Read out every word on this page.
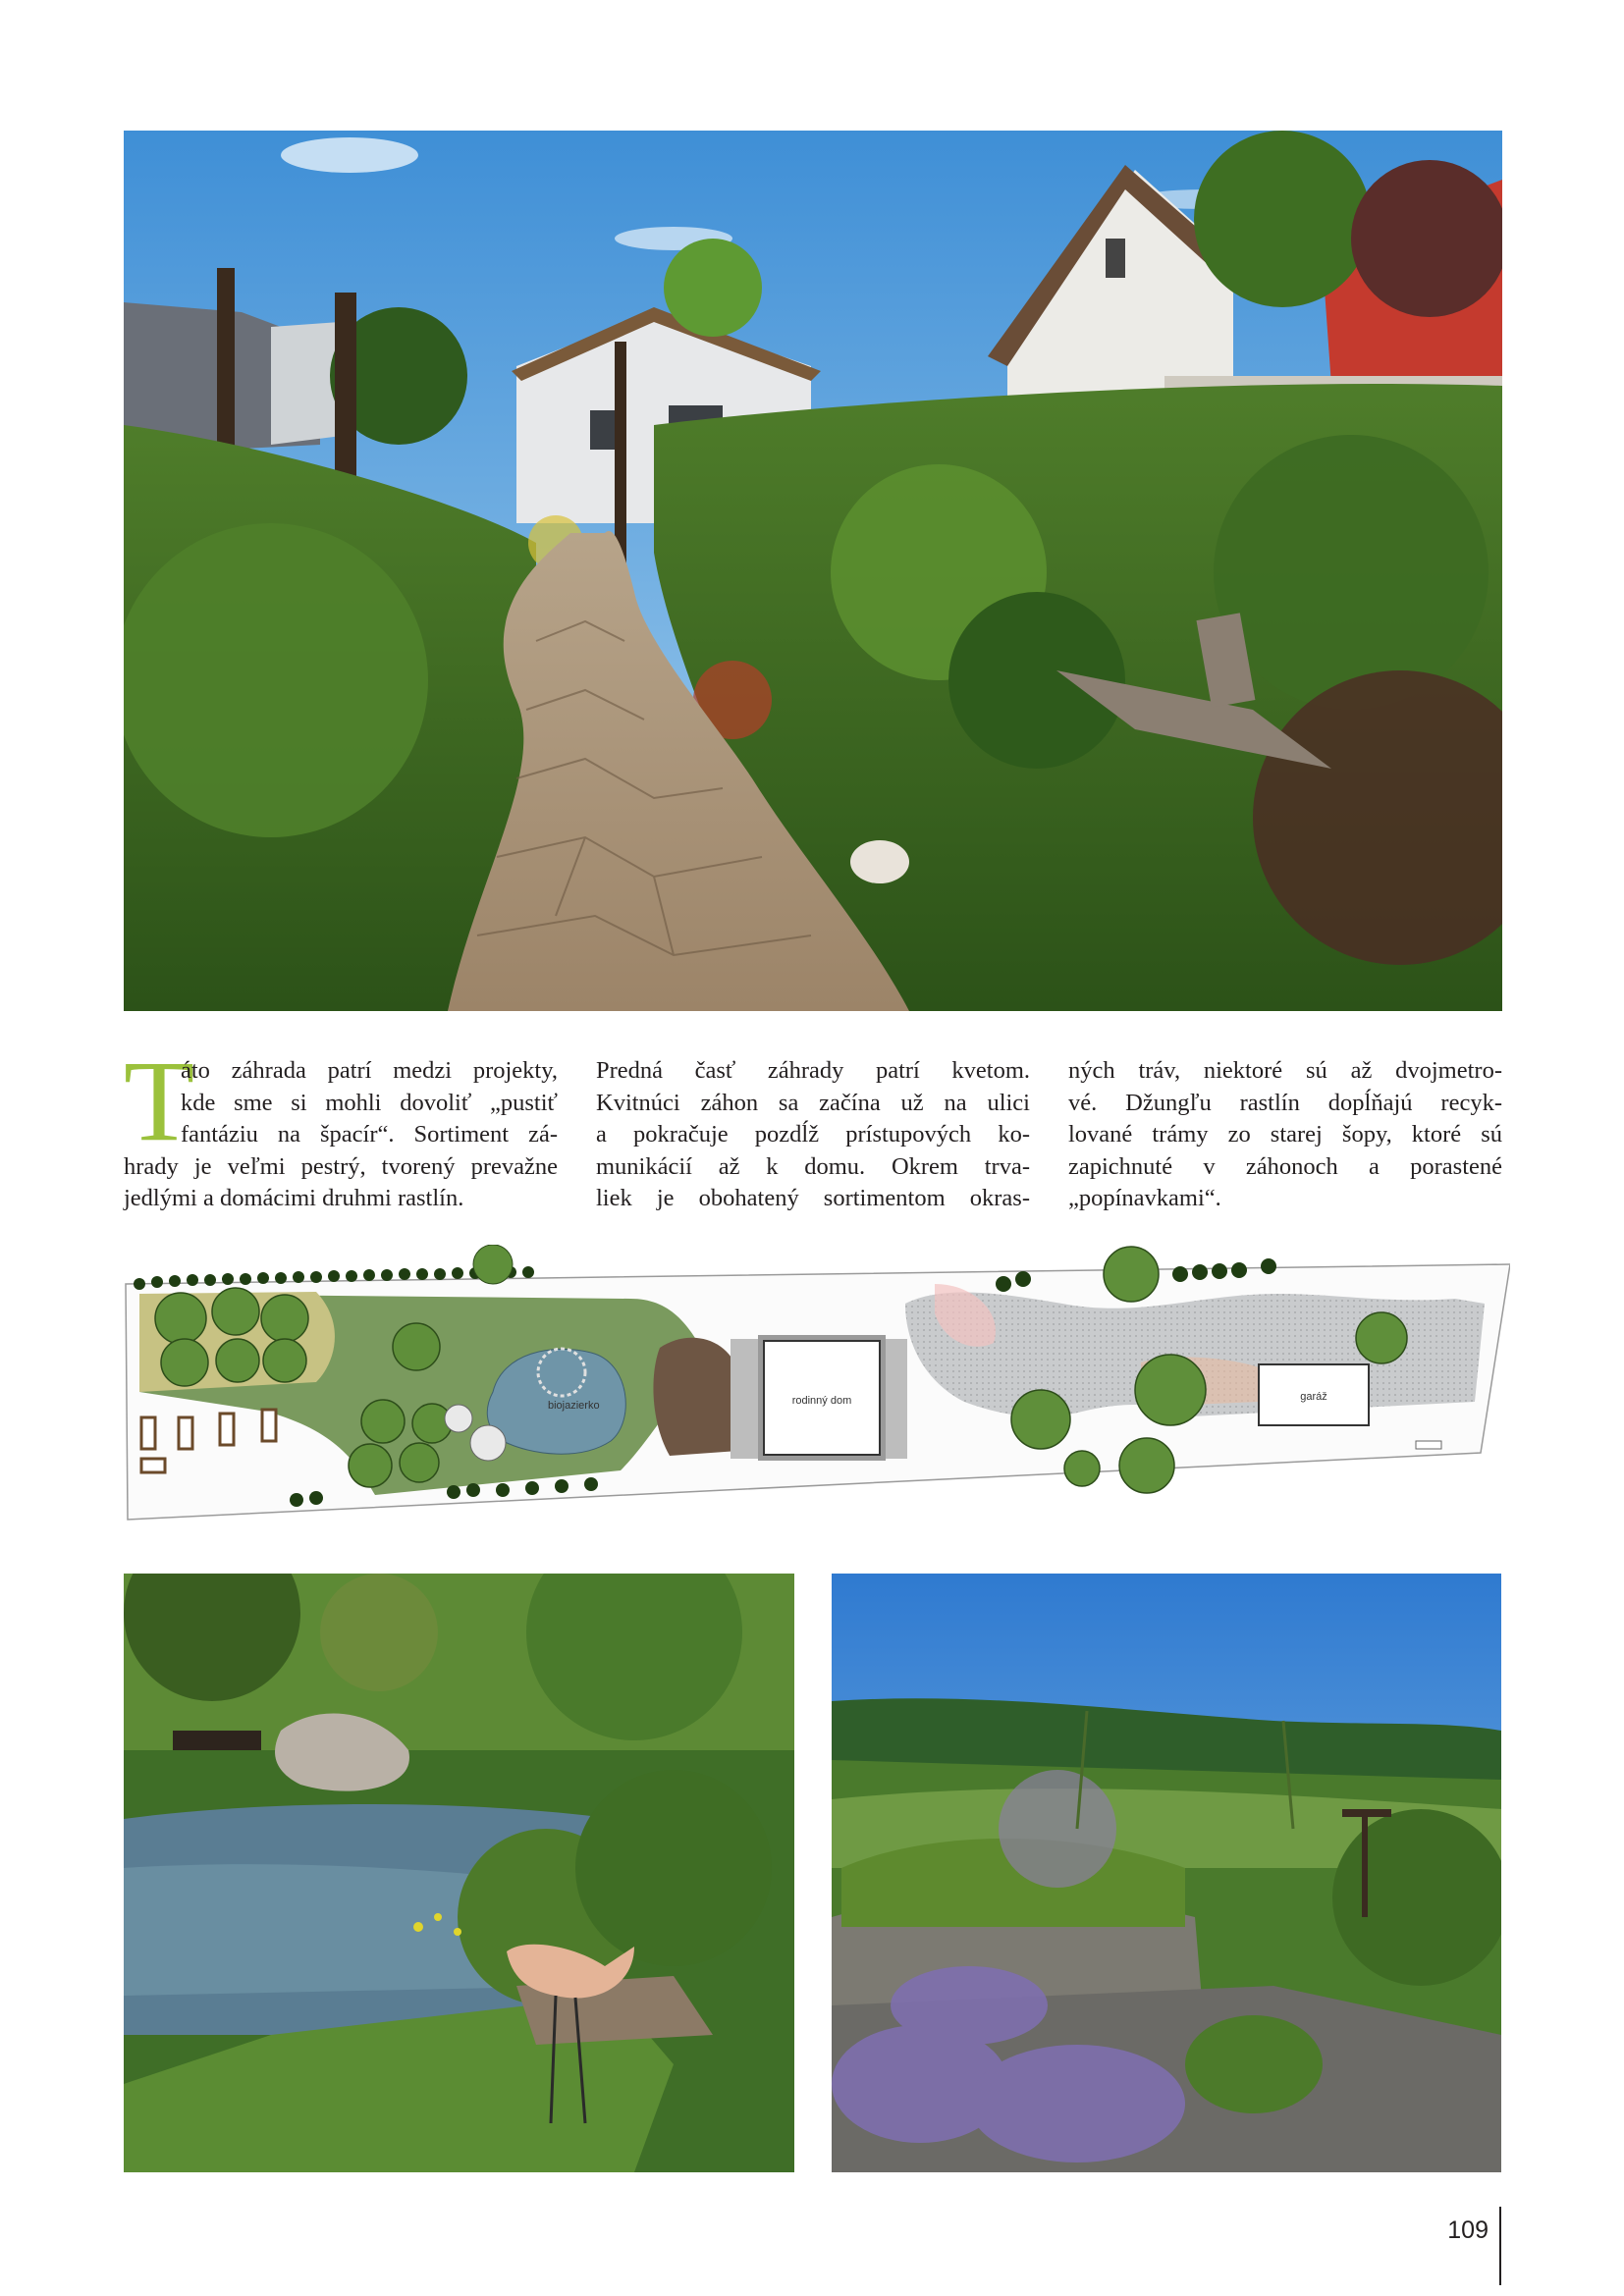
T
áto záhrada patrí medzi projekty,
kde sme si mohli dovoliť „pustiť
fantáziu na špacír“. Sortiment zá-
hrady je veľmi pestrý, tvorený prevažne
jedlými a domácimi druhmi rastlín.
Predná časť záhrady patrí kvetom.
Kvitnúci záhon sa začína už na ulici
a pokračuje pozdĺž prístupových ko-
munikácií až k domu. Okrem trva-
liek je obohatený sortimentom okras-
ných tráv, niektoré sú až dvojmetro-
vé. Džungľu rastlín dopĺňajú recyk-
lované trámy zo starej šopy, ktoré sú
zapichnuté v záhonoch a porastené
„popínavkami“.
biojazierko	rodinný dom	garáž
109
